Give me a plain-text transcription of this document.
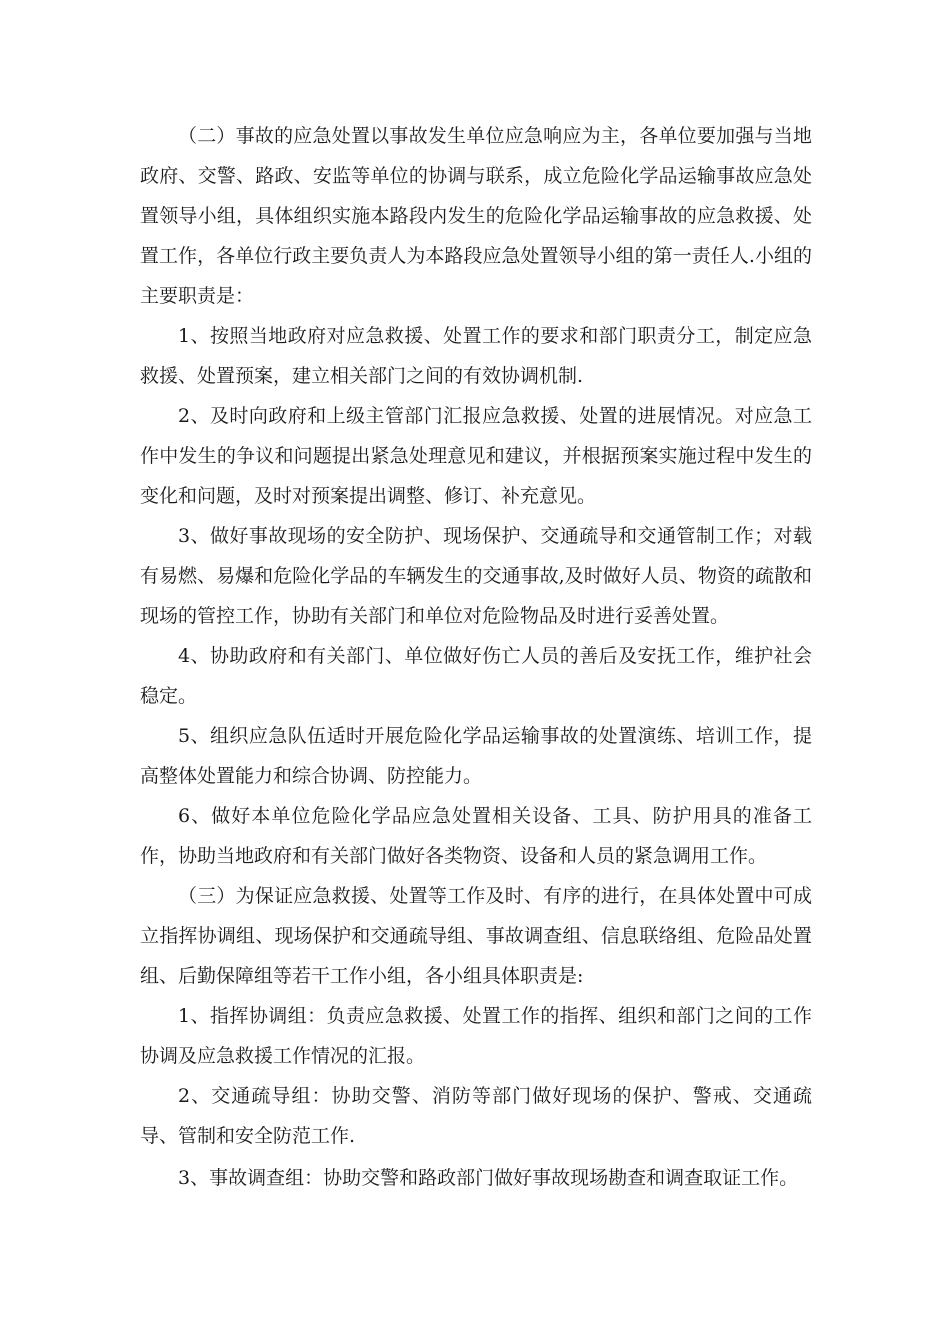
（二）事故的应急处置以事故发生单位应急响应为主，各单位要加强与当地政府、交警、路政、安监等单位的协调与联系，成立危险化学品运输事故应急处置领导小组，具体组织实施本路段内发生的危险化学品运输事故的应急救援、处置工作，各单位行政主要负责人为本路段应急处置领导小组的第一责任人.小组的主要职责是：

1、按照当地政府对应急救援、处置工作的要求和部门职责分工，制定应急救援、处置预案，建立相关部门之间的有效协调机制.

2、及时向政府和上级主管部门汇报应急救援、处置的进展情况。对应急工作中发生的争议和问题提出紧急处理意见和建议，并根据预案实施过程中发生的变化和问题，及时对预案提出调整、修订、补充意见。

3、做好事故现场的安全防护、现场保护、交通疏导和交通管制工作；对载有易燃、易爆和危险化学品的车辆发生的交通事故,及时做好人员、物资的疏散和现场的管控工作，协助有关部门和单位对危险物品及时进行妥善处置。

4、协助政府和有关部门、单位做好伤亡人员的善后及安抚工作，维护社会稳定。

5、组织应急队伍适时开展危险化学品运输事故的处置演练、培训工作，提高整体处置能力和综合协调、防控能力。

6、做好本单位危险化学品应急处置相关设备、工具、防护用具的准备工作，协助当地政府和有关部门做好各类物资、设备和人员的紧急调用工作。

（三）为保证应急救援、处置等工作及时、有序的进行，在具体处置中可成立指挥协调组、现场保护和交通疏导组、事故调查组、信息联络组、危险品处置组、后勤保障组等若干工作小组，各小组具体职责是:

1、指挥协调组：负责应急救援、处置工作的指挥、组织和部门之间的工作协调及应急救援工作情况的汇报。

2、交通疏导组：协助交警、消防等部门做好现场的保护、警戒、交通疏导、管制和安全防范工作.

3、事故调查组：协助交警和路政部门做好事故现场勘查和调查取证工作。
